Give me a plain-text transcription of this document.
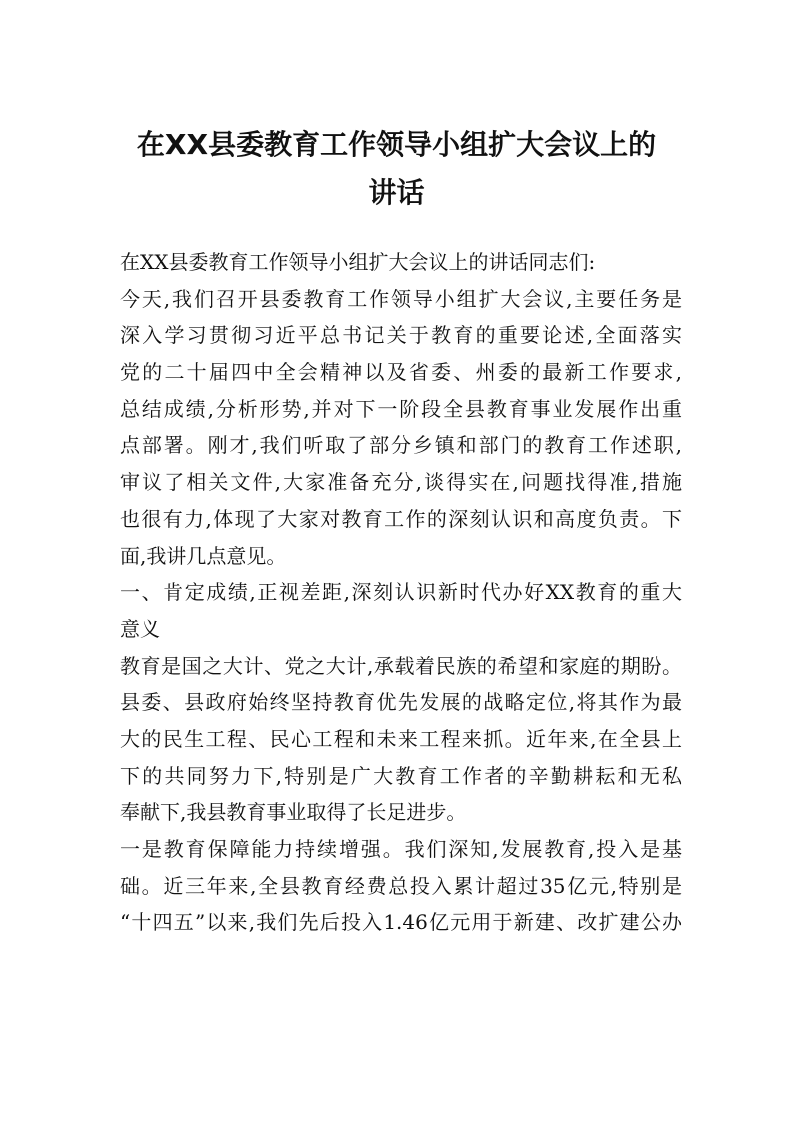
在XX县委教育工作领导小组扩大会议上的
讲话
在XX县委教育工作领导小组扩大会议上的讲话同志们:
今天,我们召开县委教育工作领导小组扩大会议,主要任务是
深入学习贯彻习近平总书记关于教育的重要论述,全面落实
党的二十届四中全会精神以及省委、州委的最新工作要求,
总结成绩,分析形势,并对下一阶段全县教育事业发展作出重
点部署。刚才,我们听取了部分乡镇和部门的教育工作述职,
审议了相关文件,大家准备充分,谈得实在,问题找得准,措施
也很有力,体现了大家对教育工作的深刻认识和高度负责。下
面,我讲几点意见。
一、肯定成绩,正视差距,深刻认识新时代办好XX教育的重大
意义
教育是国之大计、党之大计,承载着民族的希望和家庭的期盼。
县委、县政府始终坚持教育优先发展的战略定位,将其作为最
大的民生工程、民心工程和未来工程来抓。近年来,在全县上
下的共同努力下,特别是广大教育工作者的辛勤耕耘和无私
奉献下,我县教育事业取得了长足进步。
一是教育保障能力持续增强。我们深知,发展教育,投入是基
础。近三年来,全县教育经费总投入累计超过35亿元,特别是
“十四五”以来,我们先后投入1.46亿元用于新建、改扩建公办
